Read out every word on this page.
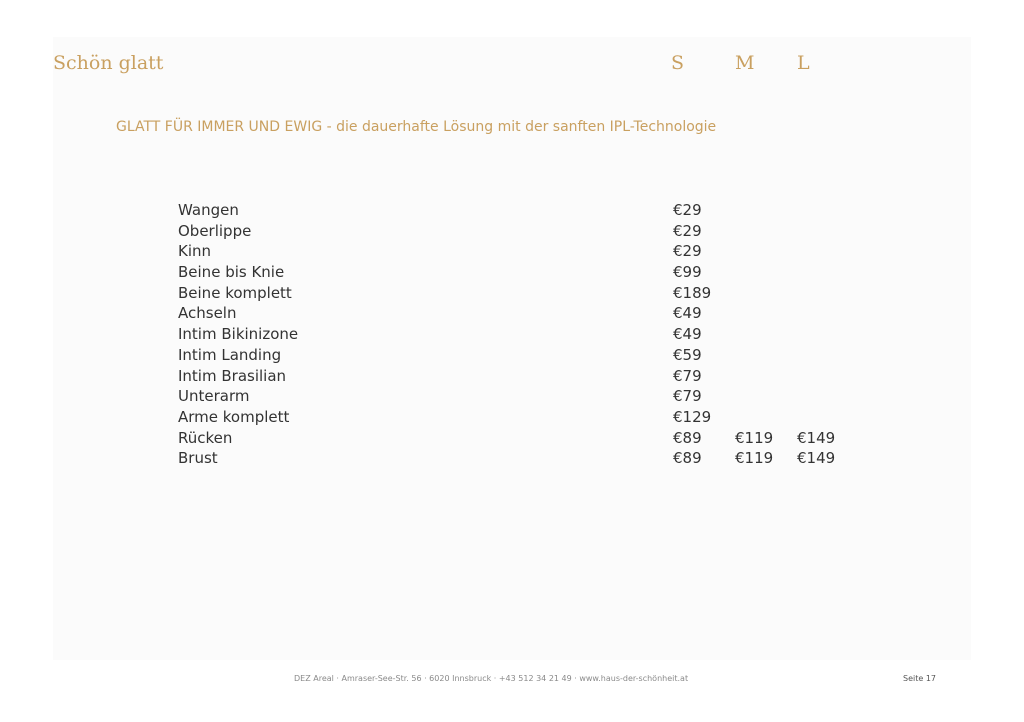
Schön glatt	S	M L
GLATT FÜR IMMER UND EWIG - die dauerhafte Lösung mit der sanften IPL-Technologie
Wangen	€29
Oberlippe	€29
Kinn	€29
Beine bis Knie	€99
Beine komplett	€189
Achseln	€49
Intim Bikinizone	€49
Intim Landing	€59
Intim Brasilian	€79
Unterarm	€79
Arme komplett	€129
Rücken	€89 €119 €149
Brust	€89 €119 €149
DEZ Areal · Amraser-See-Str. 56 · 6020 Innsbruck · +43 512 34 21 49 · www.haus-der-schönheit.at	Seite 17
